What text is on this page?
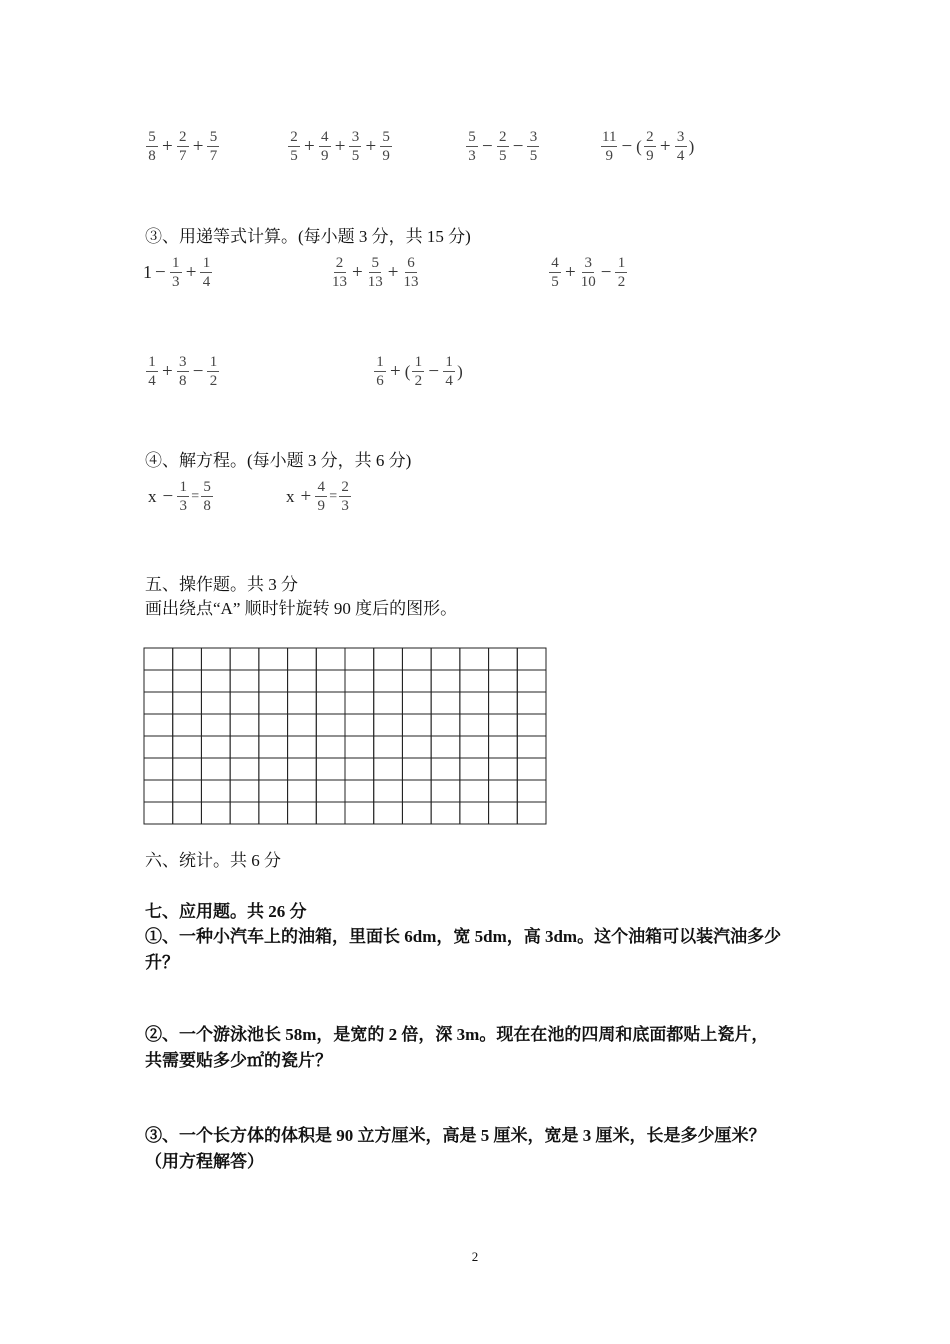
$\frac{5}{8} + \frac{2}{7} + \frac{5}{7}$	$\frac{2}{5} + \frac{4}{9} + \frac{3}{5} + \frac{5}{9}$	$\frac{5}{3} - \frac{2}{5} - \frac{3}{5}$	$\frac{11}{9}$ − ( $\frac{2}{9} + \frac{3}{4}$ )
③、用递等式计算。(每小题 3 分，共 15 分)
$1 - \frac{1}{3} + \frac{1}{4}$	$\frac{2}{13} + \frac{5}{13} + \frac{6}{13}$	$\frac{4}{5} + \frac{3}{10} - \frac{1}{2}$
$\frac{1}{4} + \frac{3}{8} - \frac{1}{2}$	$\frac{1}{6}$ + ( $\frac{1}{2} - \frac{1}{4}$ )
④、解方程。(每小题 3 分，共 6 分)
$x - \frac{1}{3} = \frac{5}{8}$	$x + \frac{4}{9} = \frac{2}{3}$
五、操作题。共 3 分
画出绕点“A” 顺时针旋转 90 度后的图形。
六、统计。共 6 分
七、应用题。共 26 分
①、一种小汽车上的油箱，里面长 6dm，宽 5dm，高 3dm。这个油箱可以装汽油多少
升？
②、一个游泳池长 58m，是宽的 2 倍，深 3m。现在在池的四周和底面都贴上瓷片，
共需要贴多少㎡的瓷片？
③、一个长方体的体积是 90 立方厘米，高是 5 厘米，宽是 3 厘米，长是多少厘米？
（用方程解答）
2
